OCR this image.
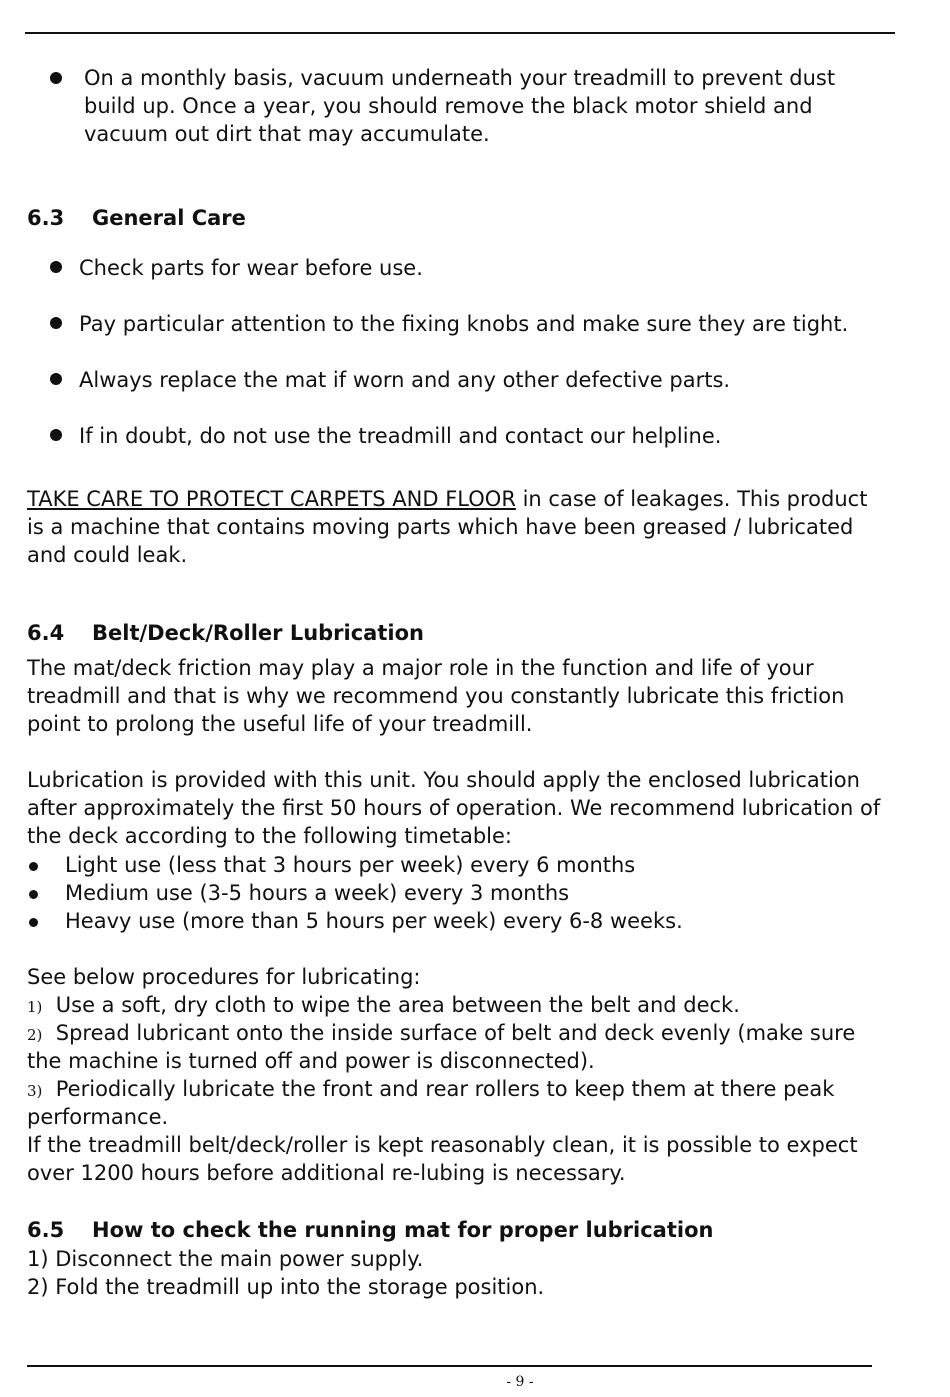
On a monthly basis, vacuum underneath your treadmill to prevent dust
build up. Once a year, you should remove the black motor shield and
vacuum out dirt that may accumulate.
6.3 General Care
Check parts for wear before use.
Pay particular attention to the fixing knobs and make sure they are tight.
Always replace the mat if worn and any other defective parts.
If in doubt, do not use the treadmill and contact our helpline.
TAKE CARE TO PROTECT CARPETS AND FLOOR in case of leakages. This product
is a machine that contains moving parts which have been greased / lubricated
and could leak.
6.4 Belt/Deck/Roller Lubrication
The mat/deck friction may play a major role in the function and life of your
treadmill and that is why we recommend you constantly lubricate this friction
point to prolong the useful life of your treadmill.
Lubrication is provided with this unit. You should apply the enclosed lubrication
after approximately the first 50 hours of operation. We recommend lubrication of
the deck according to the following timetable:
Light use (less that 3 hours per week) every 6 months
Medium use (3-5 hours a week) every 3 months
Heavy use (more than 5 hours per week) every 6-8 weeks.
See below procedures for lubricating:
1) Use a soft, dry cloth to wipe the area between the belt and deck.
2) Spread lubricant onto the inside surface of belt and deck evenly (make sure
the machine is turned off and power is disconnected).
3) Periodically lubricate the front and rear rollers to keep them at there peak
performance.
If the treadmill belt/deck/roller is kept reasonably clean, it is possible to expect
over 1200 hours before additional re-lubing is necessary.
6.5 How to check the running mat for proper lubrication
1) Disconnect the main power supply.
2) Fold the treadmill up into the storage position.
- 9 -
